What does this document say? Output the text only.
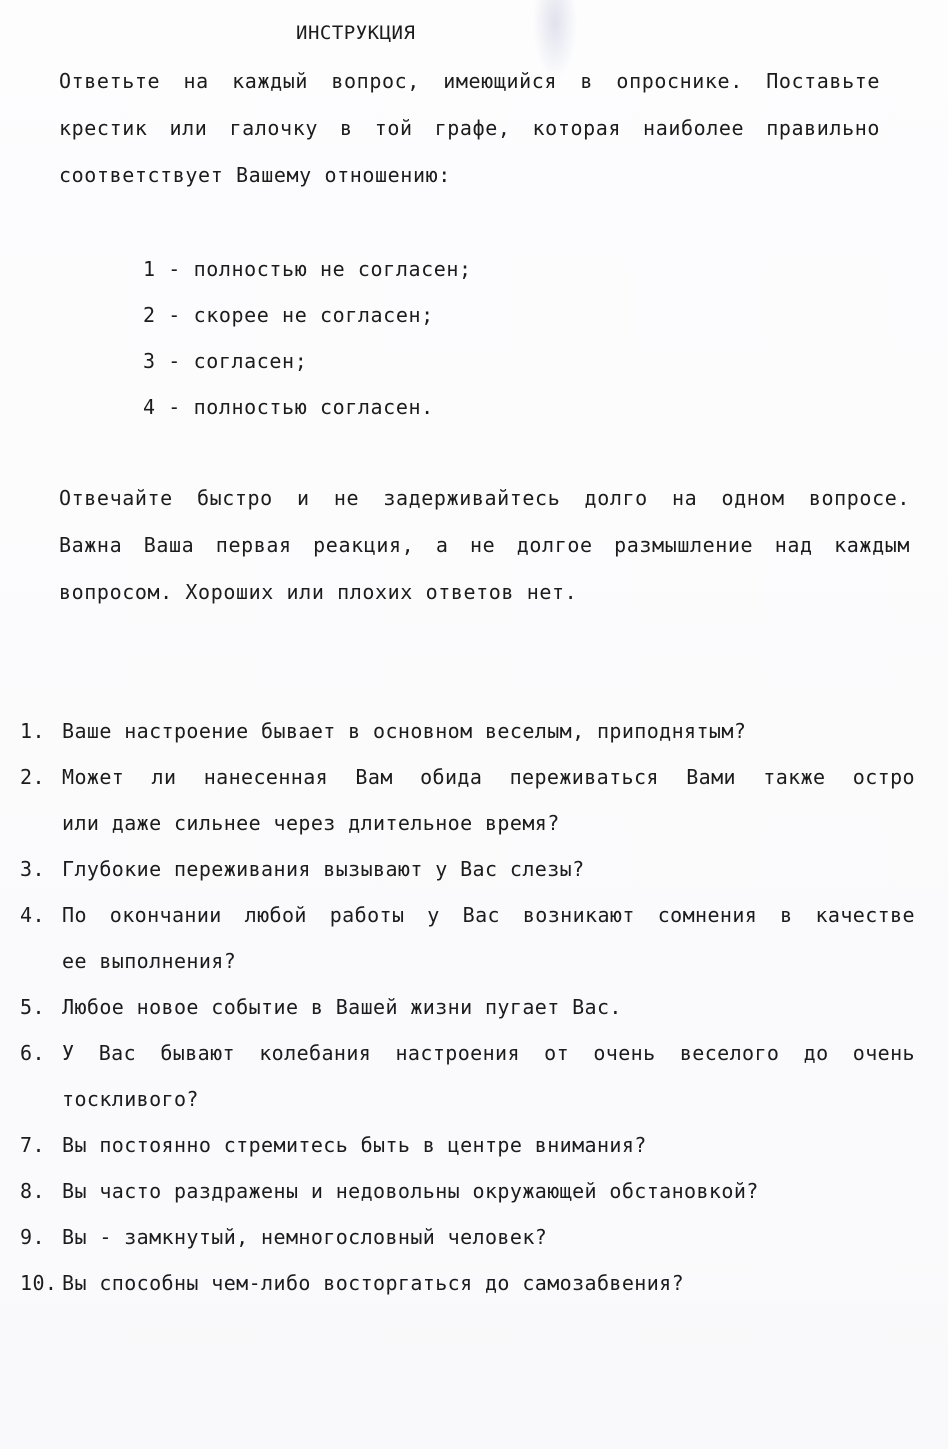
ИНСТРУКЦИЯ

Ответьте на каждый вопрос, имеющийся в опроснике. Поставьте
крестик или галочку в той графе, которая наиболее правильно
соответствует Вашему отношению:

1 - полностью не согласен;
2 - скорее не согласен;
3 - согласен;
4 - полностью согласен.

Отвечайте быстро и не задерживайтесь долго на одном вопросе.
Важна Ваша первая реакция, а не долгое размышление над каждым
вопросом. Хороших или плохих ответов нет.

1. Ваше настроение бывает в основном веселым, приподнятым?
2. Может ли нанесенная Вам обида переживаться Вами также остро
или даже сильнее через длительное время?
3. Глубокие переживания вызывают у Вас слезы?
4. По окончании любой работы у Вас возникают сомнения в качестве
ее выполнения?
5. Любое новое событие в Вашей жизни пугает Вас.
6. У Вас бывают колебания настроения от очень веселого до очень
тоскливого?
7. Вы постоянно стремитесь быть в центре внимания?
8. Вы часто раздражены и недовольны окружающей обстановкой?
9. Вы - замкнутый, немногословный человек?
10. Вы способны чем-либо восторгаться до самозабвения?
